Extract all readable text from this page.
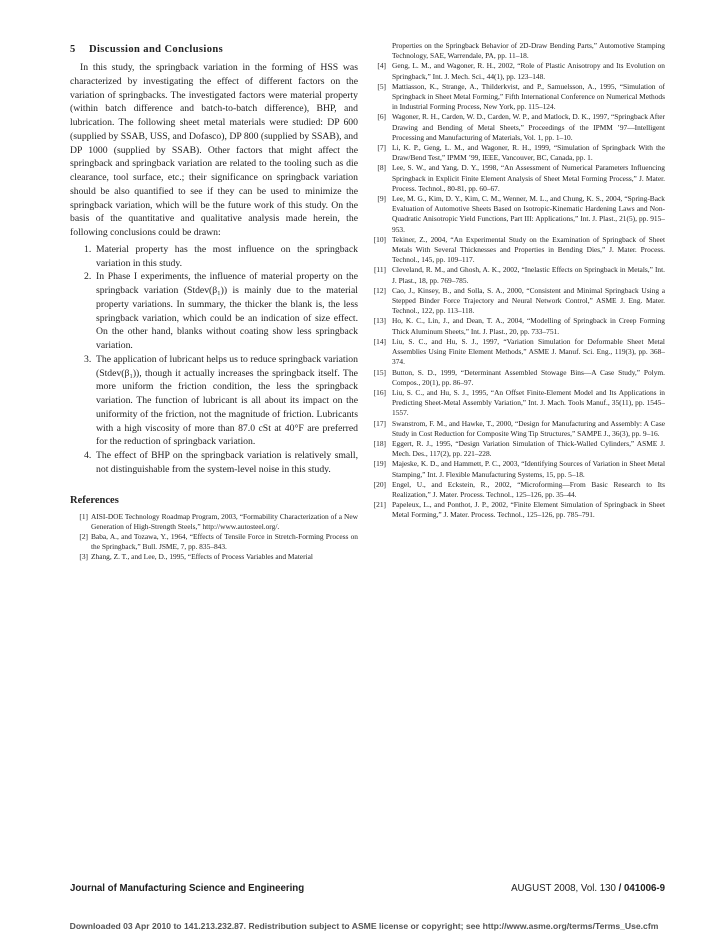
5 Discussion and Conclusions

In this study, the springback variation in the forming of HSS was characterized by investigating the effect of different factors on the variation of springbacks. The investigated factors were material property (within batch difference and batch-to-batch difference), BHP, and lubrication. The following sheet metal materials were studied: DP 600 (supplied by SSAB, USS, and Dofasco), DP 800 (supplied by SSAB), and DP 1000 (supplied by SSAB). Other factors that might affect the springback and springback variation are related to the tooling such as die clearance, tool surface, etc.; their significance on springback variation should be also quantified to see if they can be used to minimize the springback variation, which will be the future work of this study. On the basis of the quantitative and qualitative analysis made herein, the following conclusions could be drawn:

1. Material property has the most influence on the springback variation in this study.
2. In Phase I experiments, the influence of material property on the springback variation (Stdev(β₁)) is mainly due to the material property variations. In summary, the thicker the blank is, the less springback variation, which could be an indication of size effect. On the other hand, blanks without coating show less springback variation.
3. The application of lubricant helps us to reduce springback variation (Stdev(β₁)), though it actually increases the springback itself. The more uniform the friction condition, the less the springback variation. The function of lubricant is all about its impact on the uniformity of the friction, not the magnitude of friction. Lubricants with a high viscosity of more than 87.0 cSt at 40°F are preferred for the reduction of springback variation.
4. The effect of BHP on the springback variation is relatively small, not distinguishable from the system-level noise in this study.
References
[1] AISI-DOE Technology Roadmap Program, 2003, “Formability Characterization of a New Generation of High-Strength Steels,” http://www.autosteel.org/.
[2] Baba, A., and Tozawa, Y., 1964, “Effects of Tensile Force in Stretch-Forming Process on the Springback,” Bull. JSME, 7, pp. 835–843.
[3] Zhang, Z. T., and Lee, D., 1995, “Effects of Process Variables and Material

Properties on the Springback Behavior of 2D-Draw Bending Parts,” Automotive Stamping Technology, SAE, Warrendale, PA, pp. 11–18.

[4] Geng, L. M., and Wagoner, R. H., 2002, “Role of Plastic Anisotropy and Its Evolution on Springback,” Int. J. Mech. Sci., 44(1), pp. 123–148.
[5] Mattiasson, K., Strange, A., Thilderkvist, and P., Samuelsson, A., 1995, “Simulation of Springback in Sheet Metal Forming,” Fifth International Conference on Numerical Methods in Industrial Forming Process, New York, pp. 115–124.
[6] Wagoner, R. H., Carden, W. D., Carden, W. P., and Matlock, D. K., 1997, “Springback After Drawing and Bending of Metal Sheets,” Proceedings of the IPMM ’97—Intelligent Processing and Manufacturing of Materials, Vol. 1, pp. 1–10.
[7] Li, K. P., Geng, L. M., and Wagoner, R. H., 1999, “Simulation of Springback With the Draw/Bend Test,” IPMM ’99, IEEE, Vancouver, BC, Canada, pp. 1.
[8] Lee, S. W., and Yang, D. Y., 1998, “An Assessment of Numerical Parameters Influencing Springback in Explicit Finite Element Analysis of Sheet Metal Forming Process,” J. Mater. Process. Technol., 80-81, pp. 60–67.
[9] Lee, M. G., Kim, D. Y., Kim, C. M., Wenner, M. L., and Chung, K. S., 2004, “Spring-Back Evaluation of Automotive Sheets Based on Isotropic-Kinematic Hardening Laws and Non-Quadratic Anisotropic Yield Functions, Part III: Applications,” Int. J. Plast., 21(5), pp. 915–953.
[10] Tekiner, Z., 2004, “An Experimental Study on the Examination of Springback of Sheet Metals With Several Thicknesses and Properties in Bending Dies,” J. Mater. Process. Technol., 145, pp. 109–117.
[11] Cleveland, R. M., and Ghosh, A. K., 2002, “Inelastic Effects on Springback in Metals,” Int. J. Plast., 18, pp. 769–785.
[12] Cao, J., Kinsey, B., and Solla, S. A., 2000, “Consistent and Minimal Springback Using a Stepped Binder Force Trajectory and Neural Network Control,” ASME J. Eng. Mater. Technol., 122, pp. 113–118.
[13] Ho, K. C., Lin, J., and Dean, T. A., 2004, “Modelling of Springback in Creep Forming Thick Aluminum Sheets,” Int. J. Plast., 20, pp. 733–751.
[14] Liu, S. C., and Hu, S. J., 1997, “Variation Simulation for Deformable Sheet Metal Assemblies Using Finite Element Methods,” ASME J. Manuf. Sci. Eng., 119(3), pp. 368–374.
[15] Button, S. D., 1999, “Determinant Assembled Stowage Bins—A Case Study,” Polym. Compos., 20(1), pp. 86–97.
[16] Liu, S. C., and Hu, S. J., 1995, “An Offset Finite-Element Model and Its Applications in Predicting Sheet-Metal Assembly Variation,” Int. J. Mach. Tools Manuf., 35(11), pp. 1545–1557.
[17] Swanstrom, F. M., and Hawke, T., 2000, “Design for Manufacturing and Assembly: A Case Study in Cost Reduction for Composite Wing Tip Structures,” SAMPE J., 36(3), pp. 9–16.
[18] Eggert, R. J., 1995, “Design Variation Simulation of Thick-Walled Cylinders,” ASME J. Mech. Des., 117(2), pp. 221–228.
[19] Majeske, K. D., and Hammett, P. C., 2003, “Identifying Sources of Variation in Sheet Metal Stamping,” Int. J. Flexible Manufacturing Systems, 15, pp. 5–18.
[20] Engel, U., and Eckstein, R., 2002, “Microforming—From Basic Research to Its Realization,” J. Mater. Process. Technol., 125–126, pp. 35–44.
[21] Papeleux, L., and Ponthot, J. P., 2002, “Finite Element Simulation of Springback in Sheet Metal Forming,” J. Mater. Process. Technol., 125–126, pp. 785–791.
Journal of Manufacturing Science and Engineering	AUGUST 2008, Vol. 130 / 041006-9
Downloaded 03 Apr 2010 to 141.213.232.87. Redistribution subject to ASME license or copyright; see http://www.asme.org/terms/Terms_Use.cfm
